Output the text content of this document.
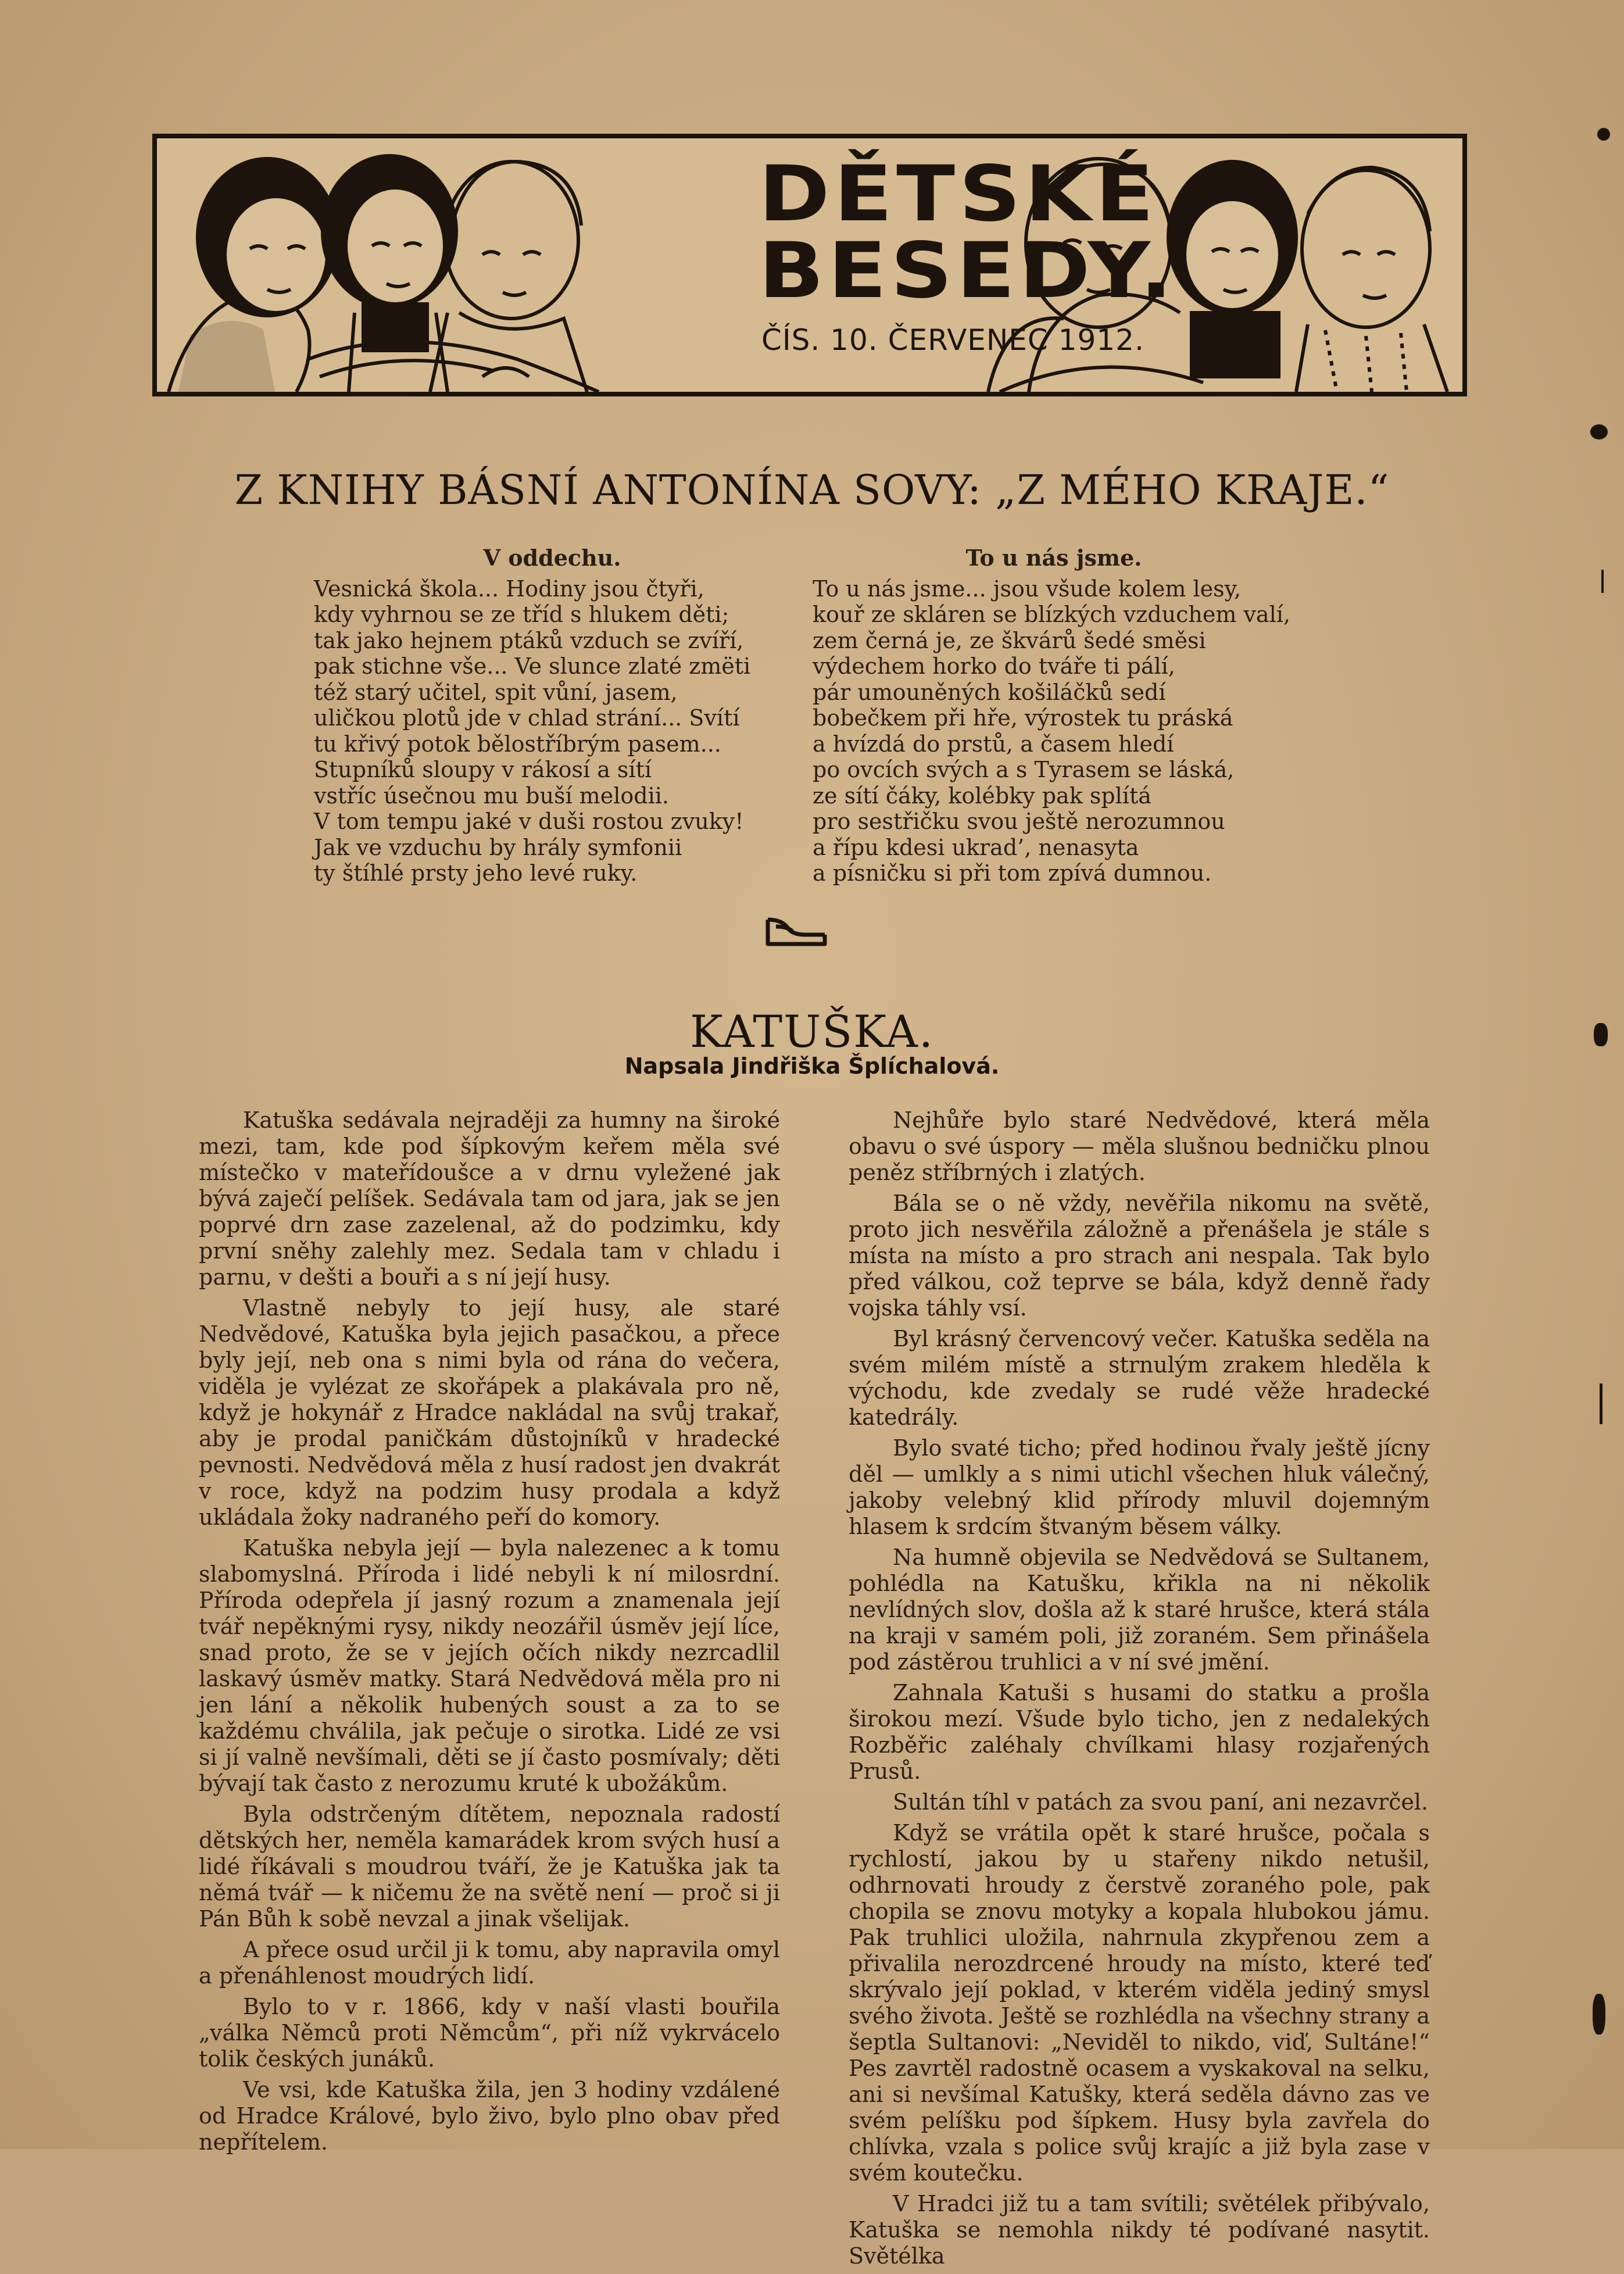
DĚTSKÉ
BESEDY.
ČÍS. 10. ČERVENEC 1912.
Z KNIHY BÁSNÍ ANTONÍNA SOVY: „Z MÉHO KRAJE.“
V oddechu.
Vesnická škola... Hodiny jsou čtyři,
kdy vyhrnou se ze tříd s hlukem děti;
tak jako hejnem ptáků vzduch se zvíří,
pak stichne vše... Ve slunce zlaté zmëti
též starý učitel, spit vůní, jasem,
uličkou plotů jde v chlad strání... Svítí
tu křivý potok bělostříbrým pasem...
Stupníků sloupy v rákosí a sítí
vstříc úsečnou mu buší melodii.
V tom tempu jaké v duši rostou zvuky!
Jak ve vzduchu by hrály symfonii
ty štíhlé prsty jeho levé ruky.
To u nás jsme.
To u nás jsme... jsou všude kolem lesy,
kouř ze skláren se blízkých vzduchem valí,
zem černá je, ze škvárů šedé směsi
výdechem horko do tváře ti pálí,
pár umouněných košiláčků sedí
bobečkem při hře, výrostek tu práská
a hvízdá do prstů, a časem hledí
po ovcích svých a s Tyrasem se láská,
ze sítí čáky, kolébky pak splítá
pro sestřičku svou ještě nerozumnou
a řípu kdesi ukrad’, nenasyta
a písničku si při tom zpívá dumnou.
KATUŠKA.
Napsala Jindřiška Šplíchalová.

Katuška sedávala nejraději za humny na široké mezi, tam, kde pod šípkovým keřem měla své místečko v mateřídoušce a v drnu vyležené jak bývá zaječí pelíšek. Sedávala tam od jara, jak se jen poprvé drn zase zazelenal, až do podzimku, kdy první sněhy zalehly mez. Sedala tam v chladu i parnu, v dešti a bouři a s ní její husy.

Vlastně nebyly to její husy, ale staré Nedvědové, Katuška byla jejich pasačkou, a přece byly její, neb ona s nimi byla od rána do večera, viděla je vylézat ze skořápek a plakávala pro ně, když je hokynář z Hradce nakládal na svůj trakař, aby je prodal paničkám důstojníků v hradecké pevnosti. Nedvědová měla z husí radost jen dvakrát v roce, když na podzim husy prodala a když ukládala žoky nadraného peří do komory.

Katuška nebyla její — byla nalezenec a k tomu slabomyslná. Příroda i lidé nebyli k ní milosrdní. Příroda odepřela jí jasný rozum a znamenala její tvář nepěknými rysy, nikdy neozářil úsměv její líce, snad proto, že se v jejích očích nikdy nezrcadlil laskavý úsměv matky. Stará Nedvědová měla pro ni jen lání a několik hubených soust a za to se každému chválila, jak pečuje o sirotka. Lidé ze vsi si jí valně nevšímali, děti se jí často posmívaly; děti bývají tak často z nerozumu kruté k ubožákům.

Byla odstrčeným dítětem, nepoznala radostí dětských her, neměla kamarádek krom svých husí a lidé říkávali s moudrou tváří, že je Katuška jak ta němá tvář — k ničemu že na světě není — proč si ji Pán Bůh k sobě nevzal a jinak všelijak.

A přece osud určil ji k tomu, aby napravila omyl a přenáhlenost moudrých lidí.

Bylo to v r. 1866, kdy v naší vlasti bouřila „válka Němců proti Němcům“, při níž vykrvácelo tolik českých junáků.

Ve vsi, kde Katuška žila, jen 3 hodiny vzdálené od Hradce Králové, bylo živo, bylo plno obav před nepřítelem.

Nejhůře bylo staré Nedvědové, která měla obavu o své úspory — měla slušnou bedničku plnou peněz stříbrných i zlatých.

Bála se o ně vždy, nevěřila nikomu na světě, proto jich nesvěřila záložně a přenášela je stále s místa na místo a pro strach ani nespala. Tak bylo před válkou, což teprve se bála, když denně řady vojska táhly vsí.

Byl krásný červencový večer. Katuška seděla na svém milém místě a strnulým zrakem hleděla k východu, kde zvedaly se rudé věže hradecké katedrály.

Bylo svaté ticho; před hodinou řvaly ještě jícny děl — umlkly a s nimi utichl všechen hluk válečný, jakoby velebný klid přírody mluvil dojemným hlasem k srdcím štvaným běsem války.

Na humně objevila se Nedvědová se Sultanem, pohlédla na Katušku, křikla na ni několik nevlídných slov, došla až k staré hrušce, která stála na kraji v samém poli, již zoraném. Sem přinášela pod zástěrou truhlici a v ní své jmění.

Zahnala Katuši s husami do statku a prošla širokou mezí. Všude bylo ticho, jen z nedalekých Rozběřic zaléhaly chvílkami hlasy rozjařených Prusů.

Sultán tíhl v patách za svou paní, ani nezavrčel.

Když se vrátila opět k staré hrušce, počala s rychlostí, jakou by u stařeny nikdo netušil, odhrnovati hroudy z čerstvě zoraného pole, pak chopila se znovu motyky a kopala hlubokou jámu. Pak truhlici uložila, nahrnula zkypřenou zem a přivalila nerozdrcené hroudy na místo, které teď skrývalo její poklad, v kterém viděla jediný smysl svého života. Ještě se rozhlédla na všechny strany a šeptla Sultanovi: „Neviděl to nikdo, viď, Sultáne!“ Pes zavrtěl radostně ocasem a vyskakoval na selku, ani si nevšímal Katušky, která seděla dávno zas ve svém pelíšku pod šípkem. Husy byla zavřela do chlívka, vzala s police svůj krajíc a již byla zase v svém koutečku.

V Hradci již tu a tam svítili; světélek přibývalo, Katuška se nemohla nikdy té podívané nasytit. Světélka
